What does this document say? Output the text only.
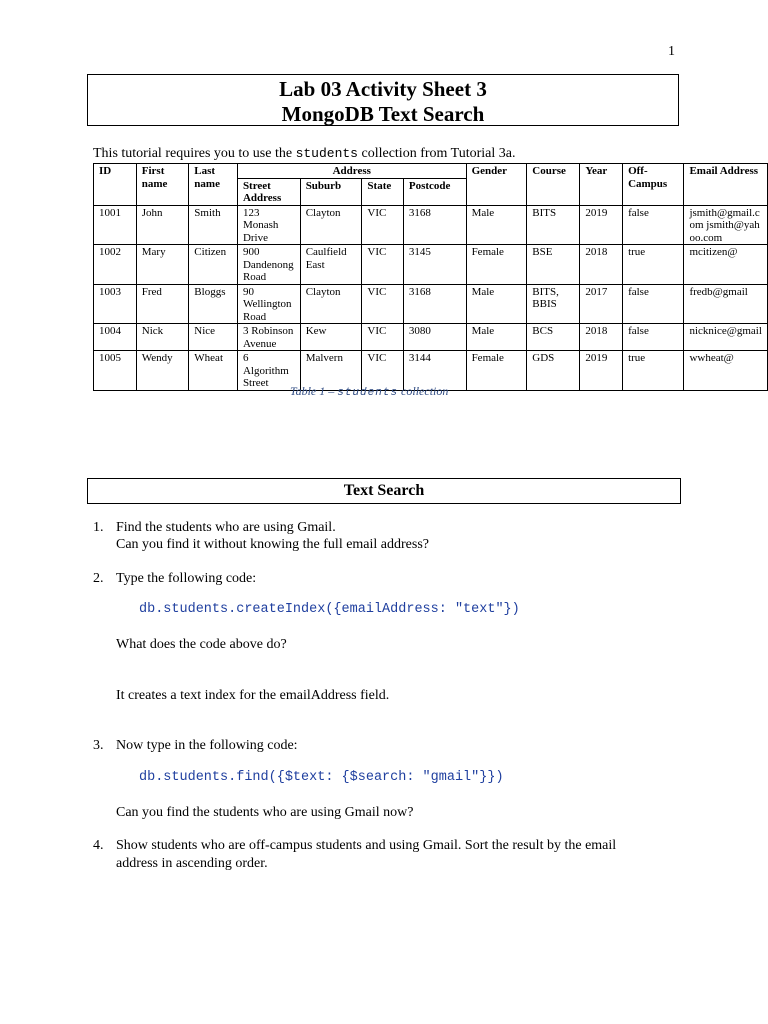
1
Lab 03 Activity Sheet 3
MongoDB Text Search
This tutorial requires you to use the students collection from Tutorial 3a.
ID	First name	Last name	Address				Gender	Course	Year	Off-Campus	Email Address
			Street Address	Suburb	State	Postcode					
1001	John	Smith	123 Monash Drive	Clayton	VIC	3168	Male	BITS	2019	false	jsmith@gmail.com jsmith@yahoo.com
1002	Mary	Citizen	900 Dandenong Road	Caulfield East	VIC	3145	Female	BSE	2018	true	mcitizen@
1003	Fred	Bloggs	90 Wellington Road	Clayton	VIC	3168	Male	BITS, BBIS	2017	false	fredb@gmail
1004	Nick	Nice	3 Robinson Avenue	Kew	VIC	3080	Male	BCS	2018	false	nicknice@gmail
1005	Wendy	Wheat	6 Algorithm Street	Malvern	VIC	3144	Female	GDS	2019	true	wwheat@
Table 1 – students collection
Text Search
1. Find the students who are using Gmail.
Can you find it without knowing the full email address?
2. Type the following code:
db.students.createIndex({emailAddress: "text"})
What does the code above do?
It creates a text index for the emailAddress field.
3. Now type in the following code:
db.students.find({$text: {$search: "gmail"}})
Can you find the students who are using Gmail now?
4. Show students who are off-campus students and using Gmail. Sort the result by the email
address in ascending order.
